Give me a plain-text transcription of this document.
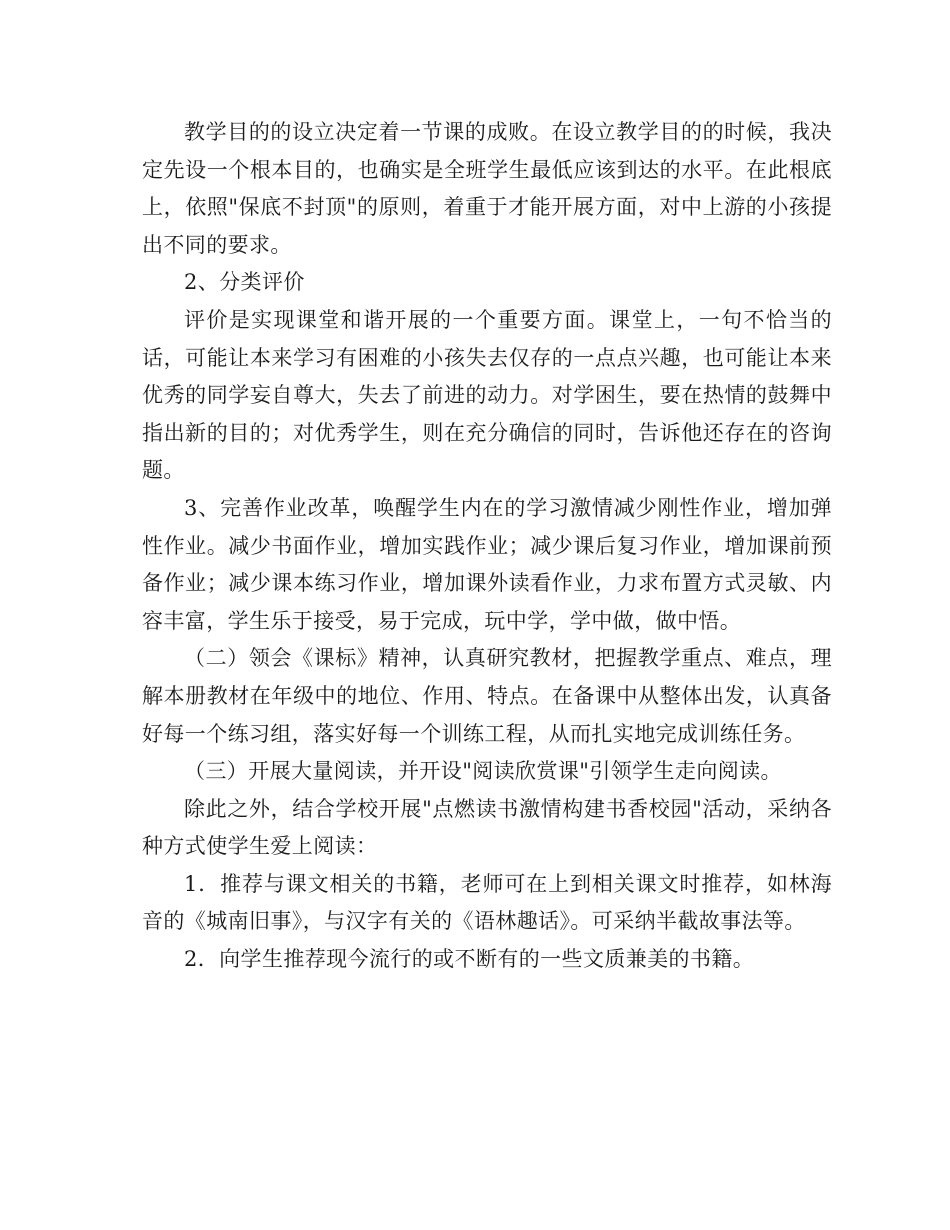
教学目的的设立决定着一节课的成败。在设立教学目的的时候，我决定先设一个根本目的，也确实是全班学生最低应该到达的水平。在此根底上，依照"保底不封顶"的原则，着重于才能开展方面，对中上游的小孩提出不同的要求。

2、分类评价

评价是实现课堂和谐开展的一个重要方面。课堂上，一句不恰当的话，可能让本来学习有困难的小孩失去仅存的一点点兴趣，也可能让本来优秀的同学妄自尊大，失去了前进的动力。对学困生，要在热情的鼓舞中指出新的目的；对优秀学生，则在充分确信的同时，告诉他还存在的咨询题。

3、完善作业改革，唤醒学生内在的学习激情减少刚性作业，增加弹性作业。减少书面作业，增加实践作业；减少课后复习作业，增加课前预备作业；减少课本练习作业，增加课外读看作业，力求布置方式灵敏、内容丰富，学生乐于接受，易于完成，玩中学，学中做，做中悟。

（二）领会《课标》精神，认真研究教材，把握教学重点、难点，理解本册教材在年级中的地位、作用、特点。在备课中从整体出发，认真备好每一个练习组，落实好每一个训练工程，从而扎实地完成训练任务。

（三）开展大量阅读，并开设"阅读欣赏课"引领学生走向阅读。

除此之外，结合学校开展"点燃读书激情构建书香校园"活动，采纳各种方式使学生爱上阅读：

1．推荐与课文相关的书籍，老师可在上到相关课文时推荐，如林海音的《城南旧事》，与汉字有关的《语林趣话》。可采纳半截故事法等。

2．向学生推荐现今流行的或不断有的一些文质兼美的书籍。
